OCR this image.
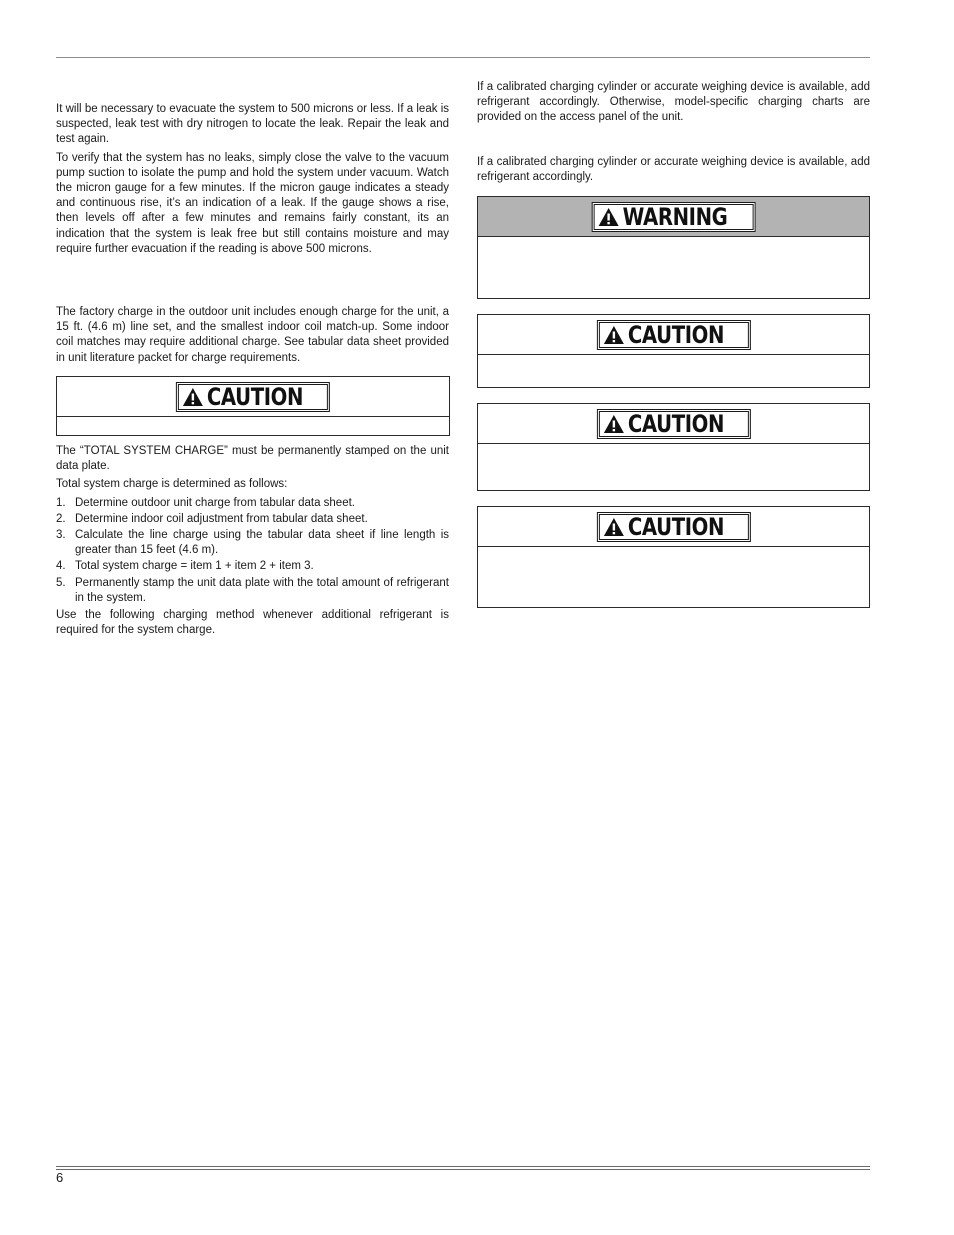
It will be necessary to evacuate the system to 500 microns or less. If a leak is suspected, leak test with dry nitrogen to locate the leak. Repair the leak and test again.

To verify that the system has no leaks, simply close the valve to the vacuum pump suction to isolate the pump and hold the system under vacuum. Watch the micron gauge for a few minutes. If the micron gauge indicates a steady and continuous rise, it’s an indication of a leak. If the gauge shows a rise, then levels off after a few minutes and remains fairly constant, its an indication that the system is leak free but still contains moisture and may require further evacuation if the reading is above 500 microns.

The factory charge in the outdoor unit includes enough charge for the unit, a 15 ft. (4.6 m) line set, and the smallest indoor coil match-up. Some indoor coil matches may require additional charge. See tabular data sheet provided in unit literature packet for charge requirements.

CAUTION

The “TOTAL SYSTEM CHARGE” must be permanently stamped on the unit data plate.

Total system charge is determined as follows:

1. Determine outdoor unit charge from tabular data sheet.
2. Determine indoor coil adjustment from tabular data sheet.
3. Calculate the line charge using the tabular data sheet if line length is greater than 15 feet (4.6 m).
4. Total system charge = item 1 + item 2 + item 3.
5. Permanently stamp the unit data plate with the total amount of refrigerant in the system.

Use the following charging method whenever additional refrigerant is required for the system charge.

If a calibrated charging cylinder or accurate weighing device is available, add refrigerant accordingly. Otherwise, model-specific charging charts are provided on the access panel of the unit.

If a calibrated charging cylinder or accurate weighing device is available, add refrigerant accordingly.

WARNING
CAUTION
CAUTION
CAUTION
6
